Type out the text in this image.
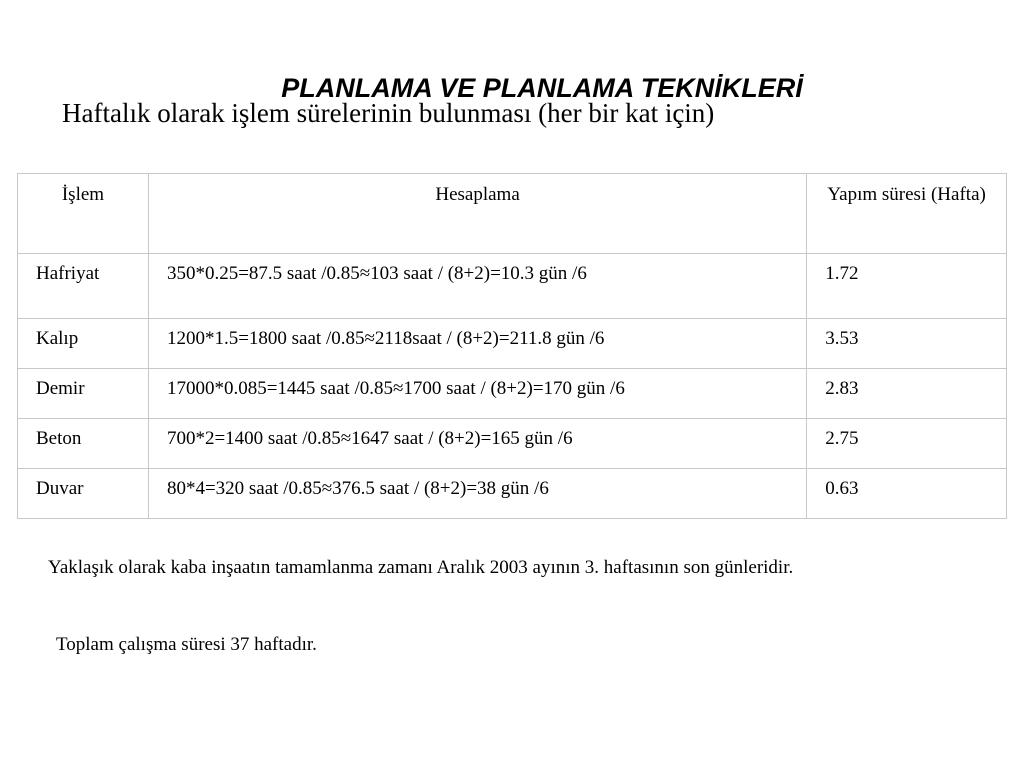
PLANLAMA VE PLANLAMA TEKNİKLERİ

Haftalık olarak işlem sürelerinin bulunması (her bir kat için)

İşlem	Hesaplama	Yapım süresi (Hafta)
Hafriyat	350*0.25=87.5 saat /0.85≈103 saat / (8+2)=10.3 gün /6	1.72
Kalıp	1200*1.5=1800 saat /0.85≈2118saat / (8+2)=211.8 gün /6	3.53
Demir	17000*0.085=1445 saat /0.85≈1700 saat / (8+2)=170 gün /6	2.83
Beton	700*2=1400 saat /0.85≈1647 saat / (8+2)=165 gün /6	2.75
Duvar	80*4=320 saat /0.85≈376.5 saat / (8+2)=38 gün /6	0.63

Yaklaşık olarak kaba inşaatın tamamlanma zamanı Aralık 2003 ayının 3. haftasının son günleridir.

Toplam çalışma süresi 37 haftadır.
